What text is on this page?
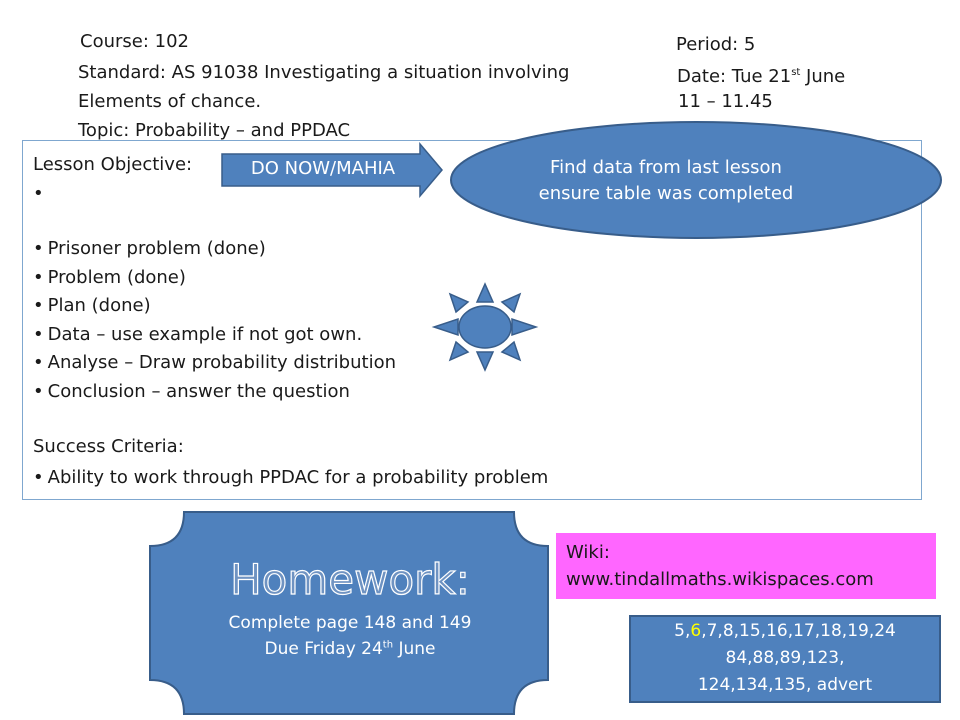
Course: 102	Period: 5
Standard: AS 91038 Investigating a situation involving	Date: Tue 21st June
Elements of chance.	11 – 11.45
Topic: Probability – and PPDAC
Lesson Objective:
•
• Prisoner problem (done)
• Problem (done)
• Plan (done)
• Data – use example if not got own.
• Analyse – Draw probability distribution
• Conclusion – answer the question
Success Criteria:
• Ability to work through PPDAC for a probability problem
DO NOW/MAHIA	Find data from last lesson
ensure table was completed
Homework:
Complete page 148 and 149
Due Friday 24th June
Wiki:
www.tindallmaths.wikispaces.com
5,6,7,8,15,16,17,18,19,24
84,88,89,123,
124,134,135, advert
